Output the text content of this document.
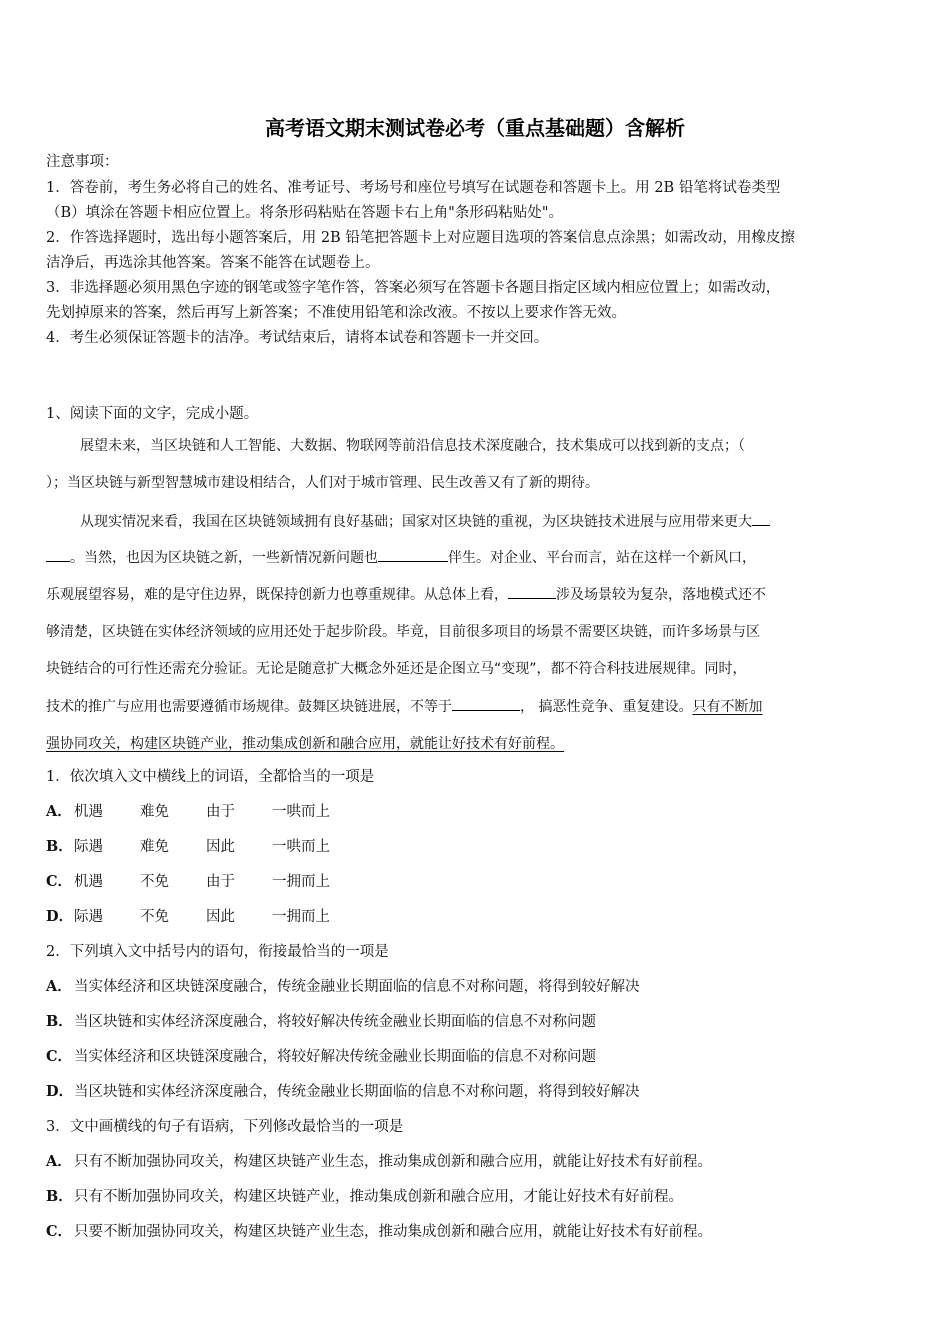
高考语文期末测试卷必考（重点基础题）含解析
注意事项：
1．答卷前，考生务必将自己的姓名、准考证号、考场号和座位号填写在试题卷和答题卡上。用 2B 铅笔将试卷类型
（B）填涂在答题卡相应位置上。将条形码粘贴在答题卡右上角"条形码粘贴处"。
2．作答选择题时，选出每小题答案后，用 2B 铅笔把答题卡上对应题目选项的答案信息点涂黑；如需改动，用橡皮擦
洁净后，再选涂其他答案。答案不能答在试题卷上。
3．非选择题必须用黑色字迹的钢笔或签字笔作答，答案必须写在答题卡各题目指定区域内相应位置上；如需改动，
先划掉原来的答案，然后再写上新答案；不准使用铅笔和涂改液。不按以上要求作答无效。
4．考生必须保证答题卡的洁净。考试结束后，请将本试卷和答题卡一并交回。
1、阅读下面的文字，完成小题。
展望未来，当区块链和人工智能、大数据、物联网等前沿信息技术深度融合，技术集成可以找到新的支点；（
）；当区块链与新型智慧城市建设相结合，人们对于城市管理、民生改善又有了新的期待。
从现实情况来看，我国在区块链领域拥有良好基础；国家对区块链的重视，为区块链技术进展与应用带来更大
。当然，也因为区块链之新，一些新情况新问题也	伴生。对企业、平台而言，站在这样一个新风口，
乐观展望容易，难的是守住边界，既保持创新力也尊重规律。从总体上看，	涉及场景较为复杂，落地模式还不
够清楚，区块链在实体经济领域的应用还处于起步阶段。毕竟，目前很多项目的场景不需要区块链，而许多场景与区
块链结合的可行性还需充分验证。无论是随意扩大概念外延还是企图立马“变现”，都不符合科技进展规律。同时，
技术的推广与应用也需要遵循市场规律。鼓舞区块链进展，不等于	， 搞恶性竞争、重复建设。只有不断加
强协同攻关，构建区块链产业，推动集成创新和融合应用，就能让好技术有好前程。
1．依次填入文中横线上的词语，全都恰当的一项是
A． 机遇	难免	由于	一哄而上
B．际遇	难免	因此	一哄而上
C． 机遇	不免	由于	一拥而上
D．际遇	不免	因此	一拥而上
2．下列填入文中括号内的语句，衔接最恰当的一项是
A． 当实体经济和区块链深度融合，传统金融业长期面临的信息不对称问题，将得到较好解决
B．当区块链和实体经济深度融合，将较好解决传统金融业长期面临的信息不对称问题
C． 当实体经济和区块链深度融合，将较好解决传统金融业长期面临的信息不对称问题
D．当区块链和实体经济深度融合，传统金融业长期面临的信息不对称问题，将得到较好解决
3．文中画横线的句子有语病，下列修改最恰当的一项是
A． 只有不断加强协同攻关，构建区块链产业生态，推动集成创新和融合应用，就能让好技术有好前程。
B．只有不断加强协同攻关，构建区块链产业，推动集成创新和融合应用，才能让好技术有好前程。
C． 只要不断加强协同攻关，构建区块链产业生态，推动集成创新和融合应用，就能让好技术有好前程。
